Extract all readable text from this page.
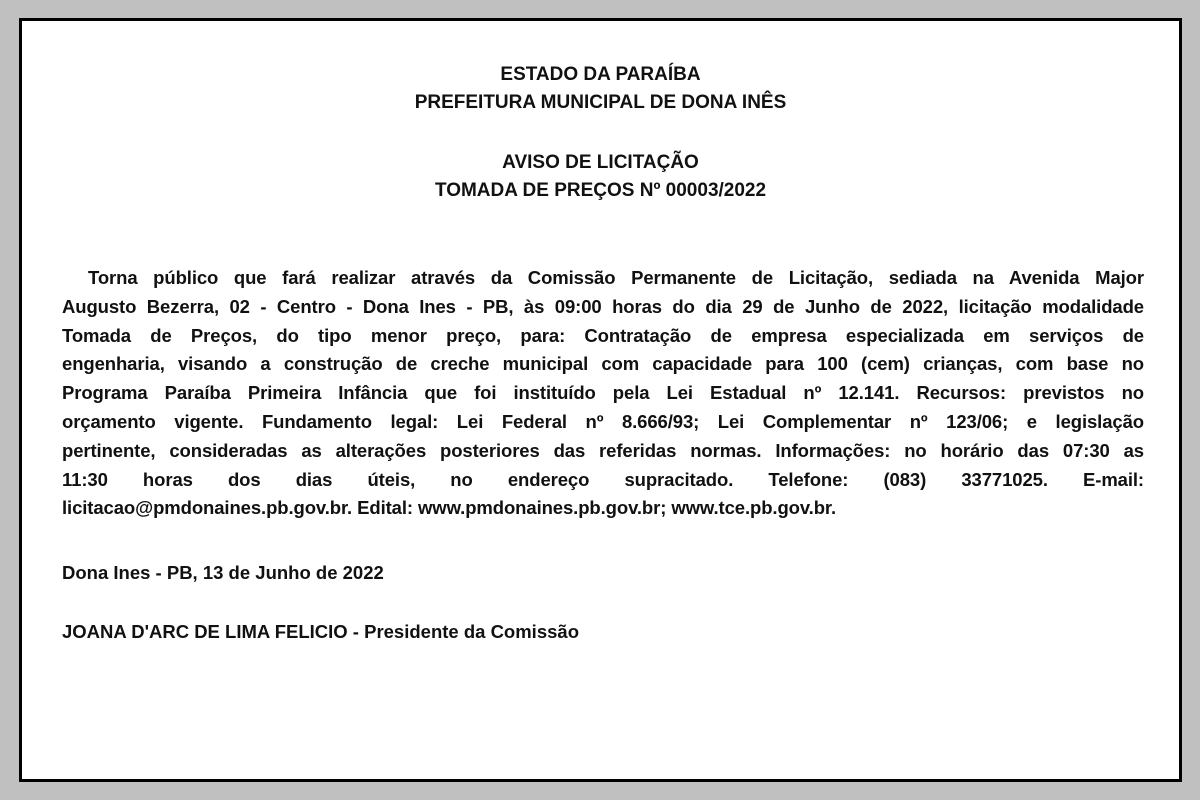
ESTADO DA PARAÍBA
PREFEITURA MUNICIPAL DE DONA INÊS
AVISO DE LICITAÇÃO
TOMADA DE PREÇOS Nº 00003/2022
Torna público que fará realizar através da Comissão Permanente de Licitação, sediada na Avenida Major
Augusto Bezerra, 02 - Centro - Dona Ines - PB, às 09:00 horas do dia 29 de Junho de 2022, licitação modalidade
Tomada de Preços, do tipo menor preço, para: Contratação de empresa especializada em serviços de
engenharia, visando a construção de creche municipal com capacidade para 100 (cem) crianças, com base no
Programa Paraíba Primeira Infância que foi instituído pela Lei Estadual nº 12.141. Recursos: previstos no
orçamento vigente. Fundamento legal: Lei Federal nº 8.666/93; Lei Complementar nº 123/06; e legislação
pertinente, consideradas as alterações posteriores das referidas normas. Informações: no horário das 07:30 as
11:30 horas dos dias úteis, no endereço supracitado. Telefone: (083) 33771025. E-mail:
licitacao@pmdonaines.pb.gov.br. Edital: www.pmdonaines.pb.gov.br; www.tce.pb.gov.br.
Dona Ines - PB, 13 de Junho de 2022
JOANA D'ARC DE LIMA FELICIO - Presidente da Comissão
